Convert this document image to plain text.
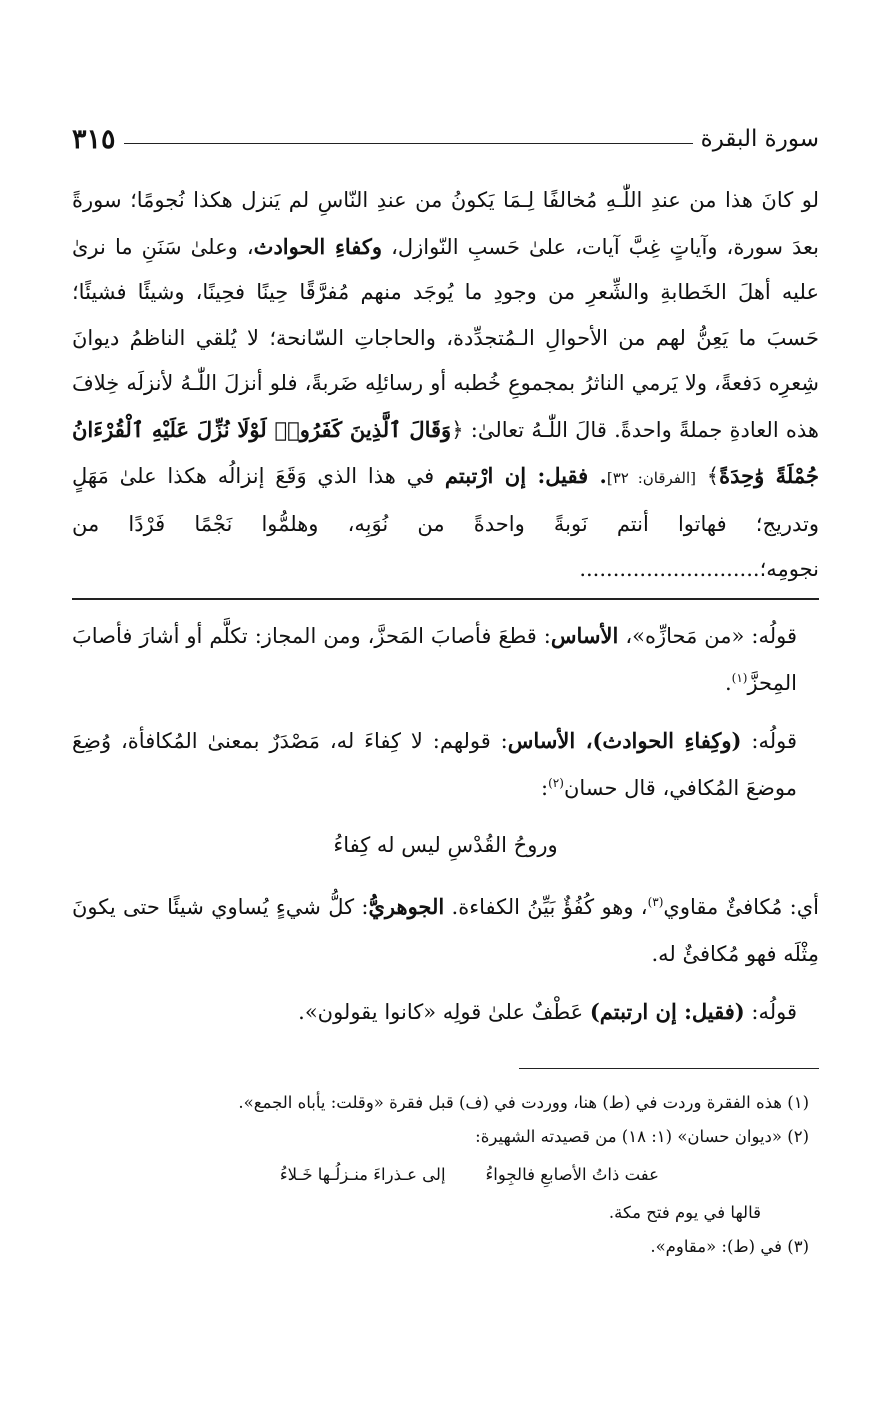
سورة البقرة
٣١٥

لو كانَ هذا من عندِ اللّٰـهِ مُخالفًا لِـمَا يَكونُ من عندِ النّاسِ لم يَنزل هكذا نُجومًا؛ سورةً بعدَ سورة، وآياتٍ غِبَّ آيات، علىٰ حَسبِ النّوازل، وكفاءِ الحوادث، وعلىٰ سَنَنِ ما نرىٰ عليه أهلَ الخَطابةِ والشِّعرِ من وجودِ ما يُوجَد منهم مُفرَّقًا حِينًا فحِينًا، وشيئًا فشيئًا؛ حَسبَ ما يَعِنُّ لهم من الأحوالِ الـمُتجدِّدة، والحاجاتِ السّانحة؛ لا يُلقي الناظمُ ديوانَ شِعرِه دَفعةً، ولا يَرمي الناثرُ بمجموعِ خُطبه أو رسائلِه ضَربةً، فلو أنزلَ اللّٰـهُ لأنزلَه خِلافَ هذه العادةِ جملةً واحدةً. قالَ اللّٰـهُ تعالىٰ: ﴿وَقَالَ ٱلَّذِينَ كَفَرُوا۟ لَوْلَا نُزِّلَ عَلَيْهِ ٱلْقُرْءَانُ جُمْلَةً وَٰحِدَةً﴾ [الفرقان: ٣٢]. فقيل: إن ارْتبتم في هذا الذي وَقَعَ إنزالُه هكذا علىٰ مَهَلٍ وتدريج؛ فهاتوا أنتم نَوبةً واحدةً من نُوَبِه، وهلمُّوا نَجْمًا فَرْدًا من نجومِه؛...........................

قولُه: «من مَحازِّه»، الأساس: قطعَ فأصابَ المَحزَّ، ومن المجاز: تكلَّم أو أشارَ فأصابَ المِحزَّ$^{(١)}$.

قولُه: (وكِفاءِ الحوادث)، الأساس: قولهم: لا كِفاءَ له، مَصْدَرٌ بمعنىٰ المُكافأة، وُضِعَ موضعَ المُكافي، قال حسان$^{(٢)}$:

وروحُ القُدْسِ ليس له كِفاءُ

أي: مُكافئٌ مقاوي$^{(٣)}$، وهو كُفُؤٌ بَيِّنُ الكفاءة. الجوهريُّ: كلُّ شيءٍ يُساوي شيئًا حتى يكونَ مِثْلَه فهو مُكافئٌ له.

قولُه: (فقيل: إن ارتبتم) عَطْفٌ علىٰ قولِه «كانوا يقولون».

(١) هذه الفقرة وردت في (ط) هنا، ووردت في (ف) قبل فقرة «وقلت: يأباه الجمع».

(٢) «ديوان حسان» (١: ١٨) من قصيدته الشهيرة:

عفت ذاتُ الأصابعِ فالجِواءُ
إلى عـذراءَ منـزلُـها خَـلاءُ

قالها في يوم فتح مكة.

(٣) في (ط): «مقاوم».
